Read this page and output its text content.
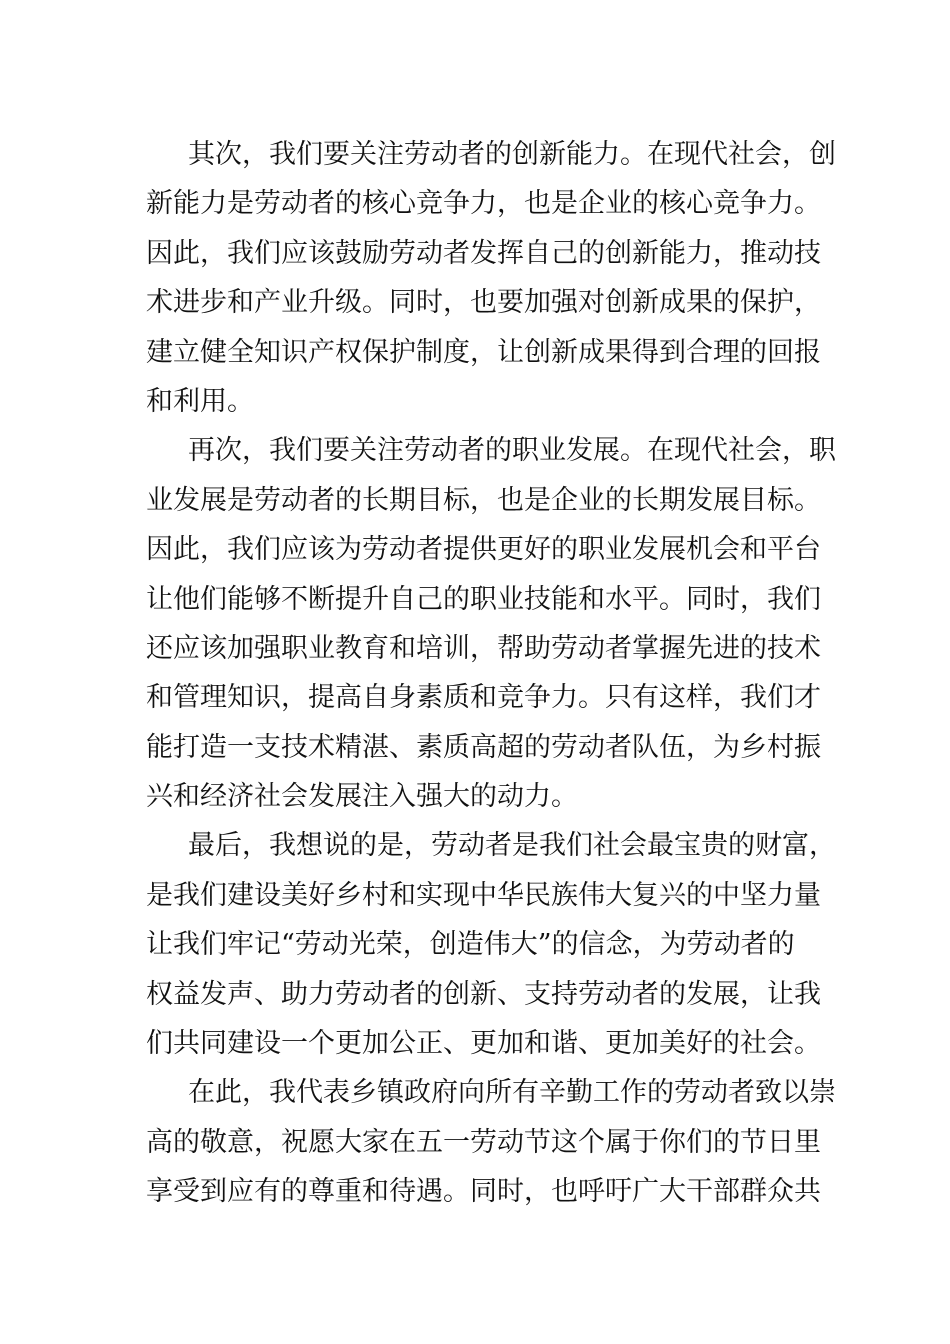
其次，我们要关注劳动者的创新能力。在现代社会，创
新能力是劳动者的核心竞争力，也是企业的核心竞争力。
因此，我们应该鼓励劳动者发挥自己的创新能力，推动技
术进步和产业升级。同时，也要加强对创新成果的保护，
建立健全知识产权保护制度，让创新成果得到合理的回报
和利用。
再次，我们要关注劳动者的职业发展。在现代社会，职
业发展是劳动者的长期目标，也是企业的长期发展目标。
因此，我们应该为劳动者提供更好的职业发展机会和平台
让他们能够不断提升自己的职业技能和水平。同时，我们
还应该加强职业教育和培训，帮助劳动者掌握先进的技术
和管理知识，提高自身素质和竞争力。只有这样，我们才
能打造一支技术精湛、素质高超的劳动者队伍，为乡村振
兴和经济社会发展注入强大的动力。
最后，我想说的是，劳动者是我们社会最宝贵的财富，
是我们建设美好乡村和实现中华民族伟大复兴的中坚力量
让我们牢记“劳动光荣，创造伟大”的信念，为劳动者的
权益发声、助力劳动者的创新、支持劳动者的发展，让我
们共同建设一个更加公正、更加和谐、更加美好的社会。
在此，我代表乡镇政府向所有辛勤工作的劳动者致以崇
高的敬意，祝愿大家在五一劳动节这个属于你们的节日里
享受到应有的尊重和待遇。同时，也呼吁广大干部群众共
